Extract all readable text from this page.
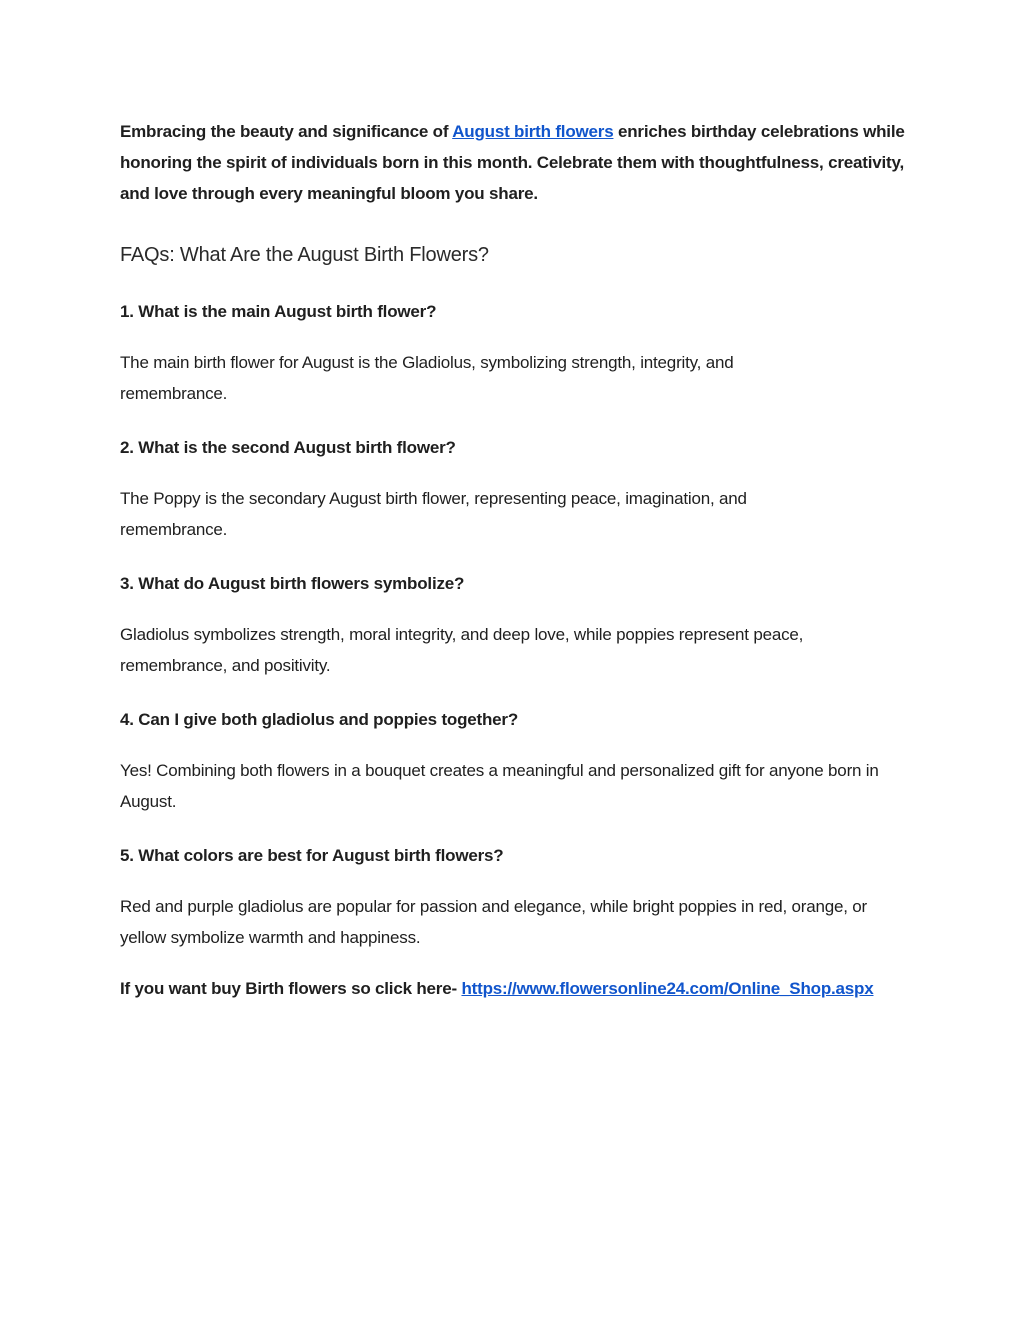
Embracing the beauty and significance of August birth flowers enriches birthday celebrations while honoring the spirit of individuals born in this month. Celebrate them with thoughtfulness, creativity, and love through every meaningful bloom you share.

FAQs: What Are the August Birth Flowers?

1. What is the main August birth flower?

The main birth flower for August is the Gladiolus, symbolizing strength, integrity, and remembrance.

2. What is the second August birth flower?

The Poppy is the secondary August birth flower, representing peace, imagination, and remembrance.

3. What do August birth flowers symbolize?

Gladiolus symbolizes strength, moral integrity, and deep love, while poppies represent peace, remembrance, and positivity.

4. Can I give both gladiolus and poppies together?

Yes! Combining both flowers in a bouquet creates a meaningful and personalized gift for anyone born in August.

5. What colors are best for August birth flowers?

Red and purple gladiolus are popular for passion and elegance, while bright poppies in red, orange, or yellow symbolize warmth and happiness.

If you want buy Birth flowers so click here- https://www.flowersonline24.com/Online_Shop.aspx
